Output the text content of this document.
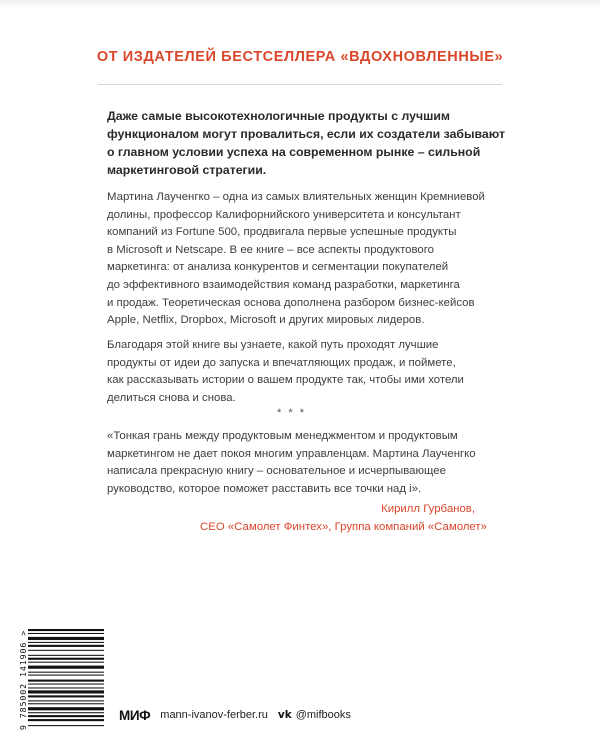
ОТ ИЗДАТЕЛЕЙ БЕСТСЕЛЛЕРА «ВДОХНОВЛЕННЫЕ»

Даже самые высокотехнологичные продукты с лучшим
функционалом могут провалиться, если их создатели забывают
о главном условии успеха на современном рынке – сильной
маркетинговой стратегии.

Мартина Лаученгко – одна из самых влиятельных женщин Кремниевой
долины, профессор Калифорнийского университета и консультант
компаний из Fortune 500, продвигала первые успешные продукты
в Microsoft и Netscape. В ее книге – все аспекты продуктового
маркетинга: от анализа конкурентов и сегментации покупателей
до эффективного взаимодействия команд разработки, маркетинга
и продаж. Теоретическая основа дополнена разбором бизнес-кейсов
Apple, Netflix, Dropbox, Microsoft и других мировых лидеров.

Благодаря этой книге вы узнаете, какой путь проходят лучшие
продукты от идеи до запуска и впечатляющих продаж, и поймете,
как рассказывать истории о вашем продукте так, чтобы ими хотели
делиться снова и снова.

* * *

«Тонкая грань между продуктовым менеджментом и продуктовым
маркетингом не дает покоя многим управленцам. Мартина Лаученгко
написала прекрасную книгу – основательное и исчерпывающее
руководство, которое поможет расставить все точки над i».

Кирилл Гурбанов,
CEO «Самолет Финтех», Группа компаний «Самолет»
9 785002 141906 >	МИФ mann-ivanov-ferber.ru vk @mifbooks
